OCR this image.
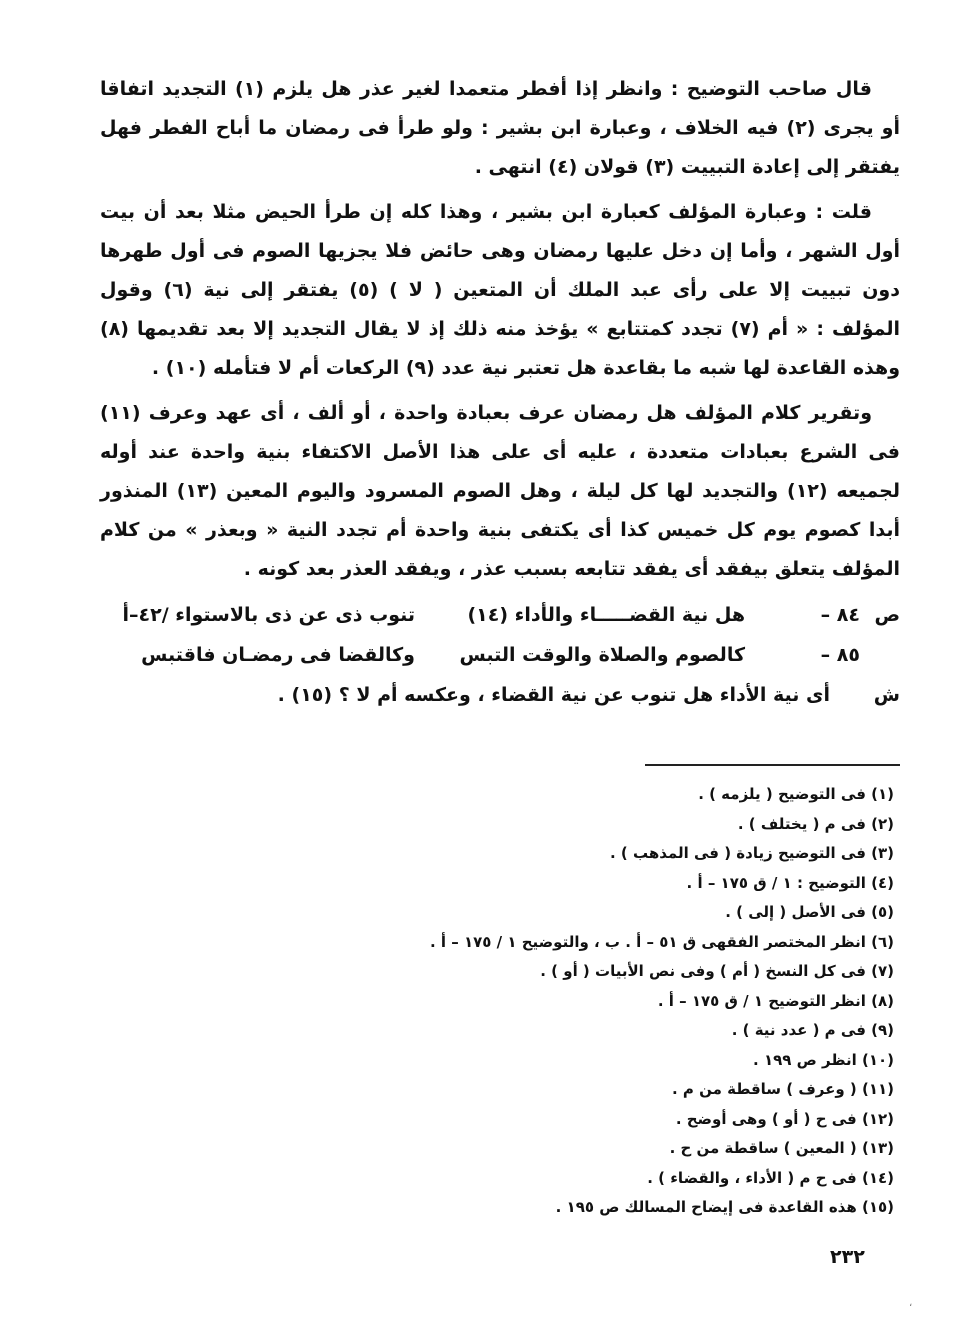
قال صاحب التوضيح : وانظر إذا أفطر متعمدا لغير عذر هل يلزم (١) التجديد اتفاقا أو يجرى (٢) فيه الخلاف ، وعبارة ابن بشير : ولو طرأ فى رمضان ما أباح الفطر فهل يفتقر إلى إعادة التبييت (٣) قولان (٤) انتهى .

قلت : وعبارة المؤلف كعبارة ابن بشير ، وهذا كله إن طرأ الحيض مثلا بعد أن بيت أول الشهر ، وأما إن دخل عليها رمضان وهى حائض فلا يجزيها الصوم فى أول طهرها دون تبييت إلا على رأى عبد الملك أن المتعين ( لا ) (٥) يفتقر إلى نية (٦) وقول المؤلف : « أم (٧) تجدد كمتتابع » يؤخذ منه ذلك إذ لا يقال التجديد إلا بعد تقديمها (٨) وهذه القاعدة لها شبه ما بقاعدة هل تعتبر نية عدد (٩) الركعات أم لا فتأمله (١٠) .

وتقرير كلام المؤلف هل رمضان عرف بعبادة واحدة ، أو ألف ، أى عهد وعرف (١١) فى الشرع بعبادات متعددة ، عليه أى على هذا الأصل الاكتفاء بنية واحدة عند أوله لجميعه (١٢) والتجديد لها كل ليلة ، وهل الصوم المسرود واليوم المعين (١٣) المنذور أبدا كصوم يوم كل خميس كذا أى يكتفى بنية واحدة أم تجدد النية « وبعذر » من كلام المؤلف يتعلق بيفقد أى يفقد تتابعه بسبب عذر ، ويفقد العذر بعد كونه .

ص
٨٤ –
هل نية القضـــــاء والأداء (١٤)
تنوب ذى عن ذى بالاستواء /٤٢–أ
٨٥ –
كالصوم والصلاة والوقت التبس
وكالقضا فى رمضـان فاقتبس
ش
أى نية الأداء هل تنوب عن نية القضاء ، وعكسه أم لا ؟ (١٥) .
(١) فى التوضيح ( يلزمه ) .
(٢) فى م ( يختلف ) .
(٣) فى التوضيح زيادة ( فى المذهب ) .
(٤) التوضيح : ١ / ق ١٧٥ – أ .
(٥) فى الأصل ( إلى ) .
(٦) انظر المختصر الفقهى ق ٥١ – أ . ب ، والتوضيح ١ / ١٧٥ – أ .
(٧) فى كل النسخ ( أم ) وفى نص الأبيات ( أو ) .
(٨) انظر التوضيح ١ / ق ١٧٥ – أ .
(٩) فى م ( عدد نية ) .
(١٠) انظر ص ١٩٩ .
(١١) ( وعرف ) ساقطة من م .
(١٢) فى ح ( أو ) وهى أوضح .
(١٣) ( المعين ) ساقطة من ح .
(١٤) فى ح م ( الأداء ، والقضاء ) .
(١٥) هذه القاعدة فى إيضاح المسالك ص ١٩٥ .
٢٣٢
،
